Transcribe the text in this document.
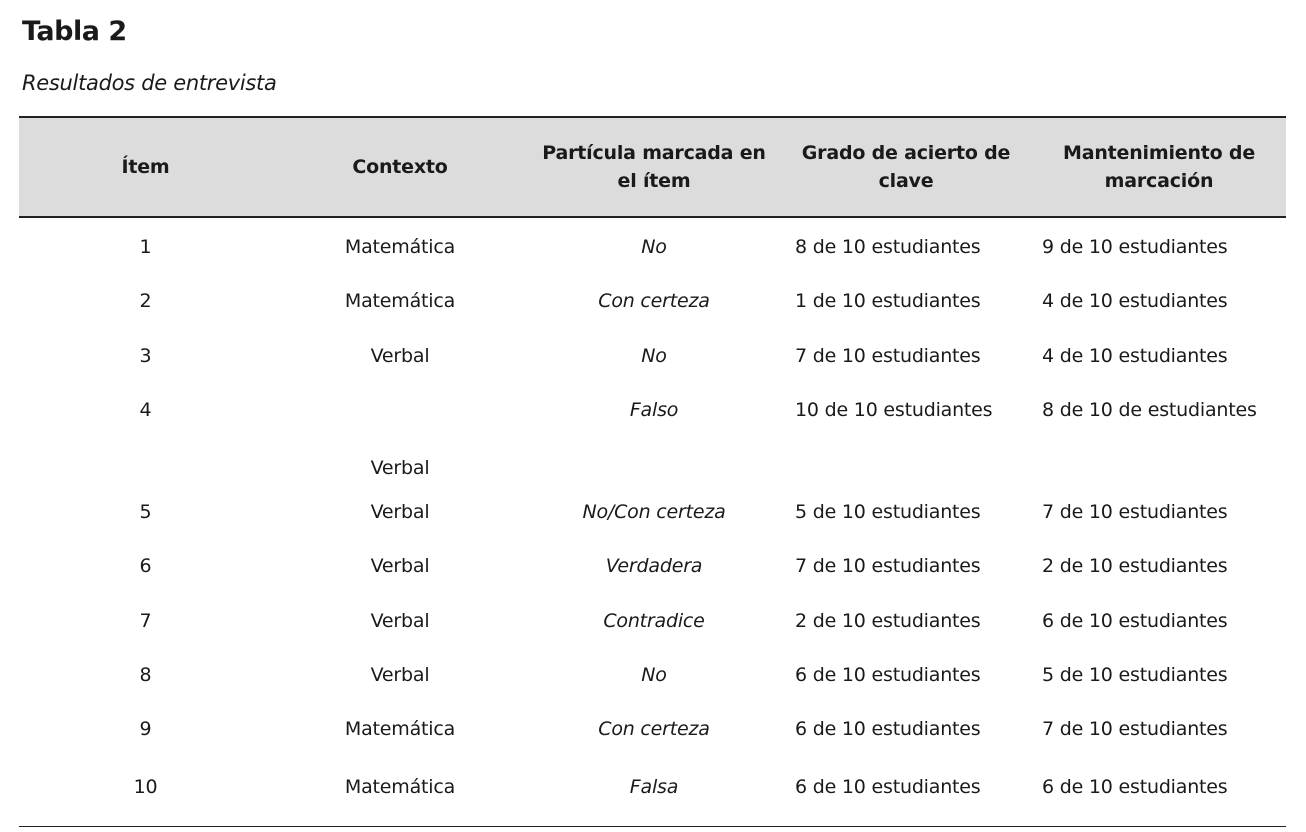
Tabla 2
Resultados de entrevista
Ítem	Contexto	Partícula marcada en el ítem	Grado de acierto de clave	Mantenimiento de marcación
1	Matemática	No	8 de 10 estudiantes	9 de 10 estudiantes
2	Matemática	Con certeza	1 de 10 estudiantes	4 de 10 estudiantes
3	Verbal	No	7 de 10 estudiantes	4 de 10 estudiantes
4	Verbal	Falso	10 de 10 estudiantes	8 de 10 de estudiantes

5	Verbal	No/Con certeza	5 de 10 estudiantes	7 de 10 estudiantes
6	Verbal	Verdadera	7 de 10 estudiantes	2 de 10 estudiantes
7	Verbal	Contradice	2 de 10 estudiantes	6 de 10 estudiantes
8	Verbal	No	6 de 10 estudiantes	5 de 10 estudiantes
9	Matemática	Con certeza	6 de 10 estudiantes	7 de 10 estudiantes
10	Matemática	Falsa	6 de 10 estudiantes	6 de 10 estudiantes
